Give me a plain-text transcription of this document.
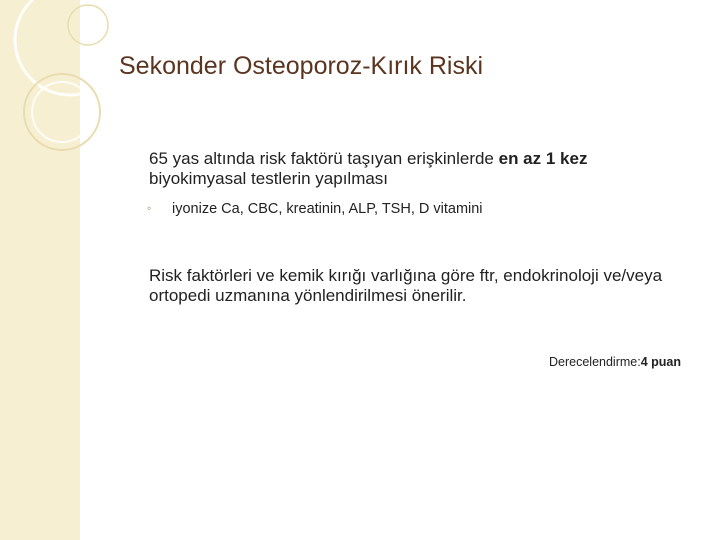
Sekonder Osteoporoz-Kırık Riski
65 yas altında risk faktörü taşıyan erişkinlerde en az 1 kez biyokimyasal testlerin yapılması
◦ iyonize Ca, CBC, kreatinin, ALP, TSH, D vitamini
Risk faktörleri ve kemik kırığı varlığına göre ftr, endokrinoloji ve/veya ortopedi uzmanına yönlendirilmesi önerilir.
Derecelendirme:4 puan
